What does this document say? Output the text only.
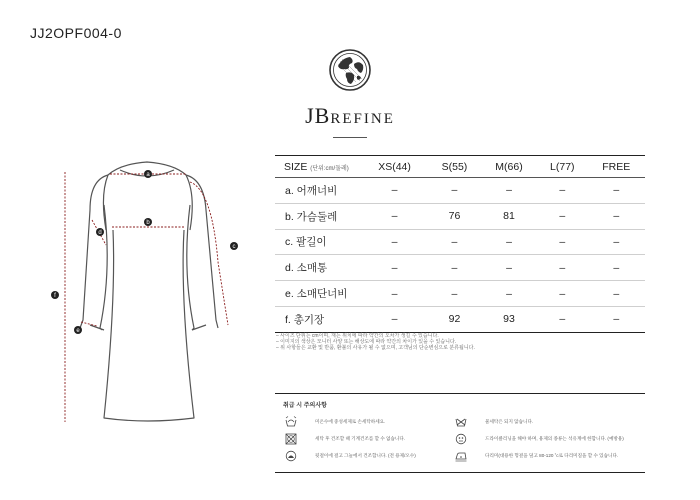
JJ2OPF004-0
JBREFINE
a
b
c
d
e
f
SIZE (단위:cm/둘레)	XS(44)	S(55)	M(66)	L(77)	FREE
a. 어깨너비	–	–	–	–	–
b. 가슴둘레	–	76	81	–	–
c. 팔길이	–	–	–	–	–
d. 소매통	–	–	–	–	–
e. 소매단너비	–	–	–	–	–
f. 총기장	–	92	93	–	–
– 사이즈 단위는 cm이며, 재는 위치에 따라 약간의 오차가 생길 수 있습니다.
– 이미지의 색상은 모니터 사양 또는 해상도에 따라 약간의 차이가 있을 수 있습니다.
– 위 사항들은 교환 및 반품, 환불의 사유가 될 수 없으며, 고객님의 단순변심으로 분류됩니다.
취급 시 주의사항
미온수에 중성세제로 손세탁하세요.
세탁 후 건조할 때 기계건조를 할 수 없습니다.
뒷걸이에 걸고 그늘에서 건조합니다. (전 용제/오수)
물세탁은 되지 않습니다.
드라이클리닝을 해야 하며, 용제의 종류는 석유계에 한합니다. (예방용)
다리미(대용한 헝겊을 덮고 80-120 ˚c로 다리미질을 할 수 있습니다.
